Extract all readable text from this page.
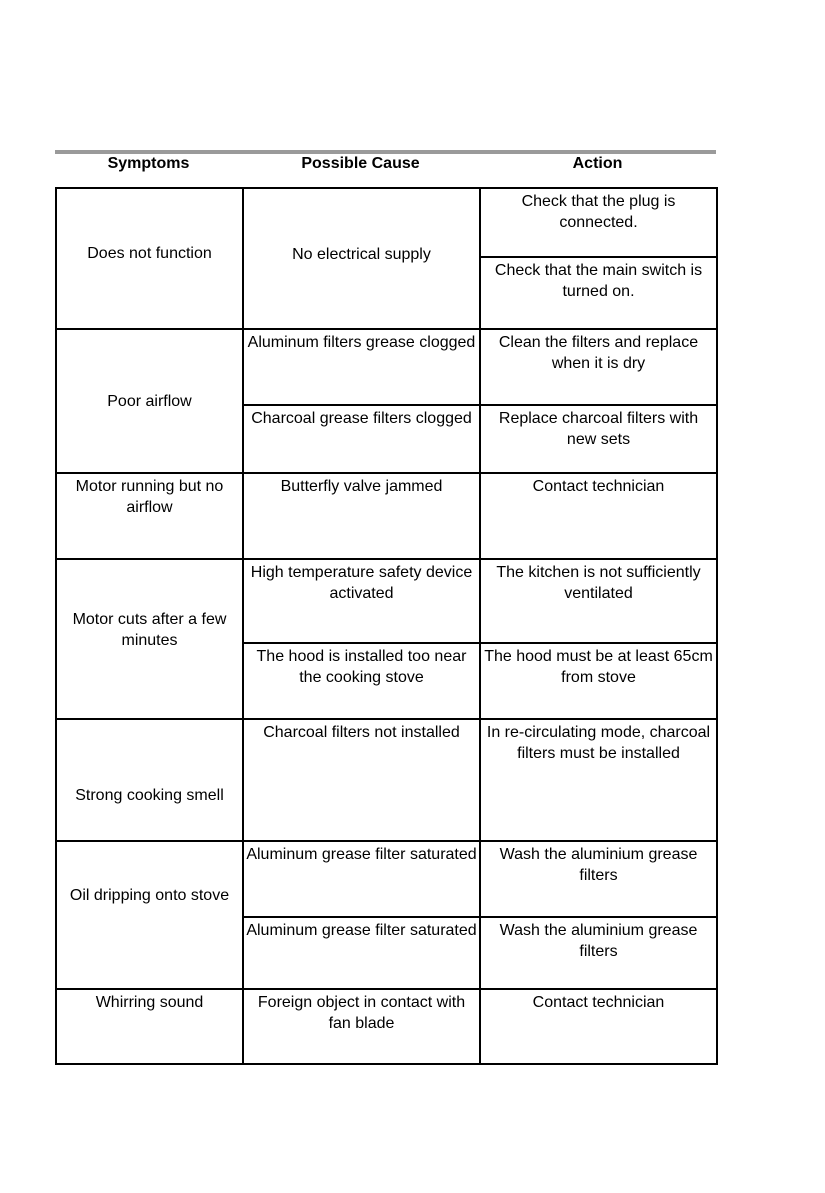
Symptoms	Possible Cause	Action
Does not function	No electrical supply	Check that the plug is connected.
		Check that the main switch is turned on.
Poor airflow	Aluminum filters grease clogged	Clean the filters and replace when it is dry
	Charcoal grease filters clogged	Replace charcoal filters with new sets
Motor running but no airflow	Butterfly valve jammed	Contact technician
Motor cuts after a few minutes	High temperature safety device activated	The kitchen is not sufficiently ventilated
	The hood is installed too near the cooking stove	The hood must be at least 65cm from stove
Strong cooking smell	Charcoal filters not installed	In re-circulating mode, charcoal filters must be installed
Oil dripping onto stove	Aluminum grease filter saturated	Wash the aluminium grease filters
	Aluminum grease filter saturated	Wash the aluminium grease filters
Whirring sound	Foreign object in contact with fan blade	Contact technician
